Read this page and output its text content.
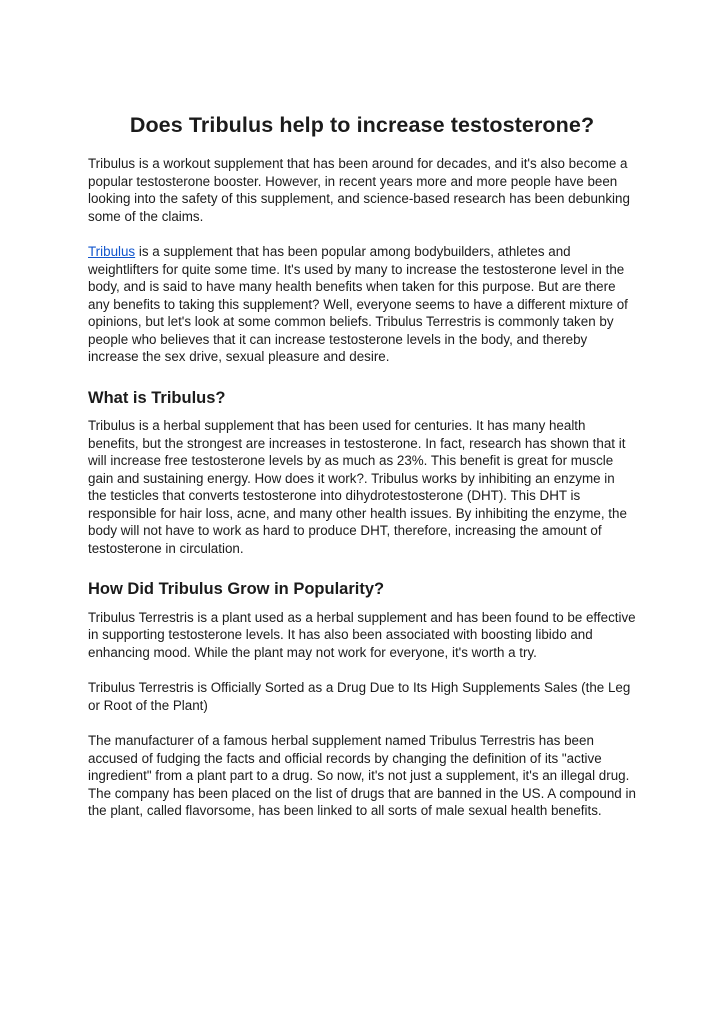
Does Tribulus help to increase testosterone?

Tribulus is a workout supplement that has been around for decades, and it's also become a popular testosterone booster. However, in recent years more and more people have been looking into the safety of this supplement, and science-based research has been debunking some of the claims.

Tribulus is a supplement that has been popular among bodybuilders, athletes and weightlifters for quite some time. It's used by many to increase the testosterone level in the body, and is said to have many health benefits when taken for this purpose. But are there any benefits to taking this supplement? Well, everyone seems to have a different mixture of opinions, but let's look at some common beliefs. Tribulus Terrestris is commonly taken by people who believes that it can increase testosterone levels in the body, and thereby increase the sex drive, sexual pleasure and desire.

What is Tribulus?

Tribulus is a herbal supplement that has been used for centuries. It has many health benefits, but the strongest are increases in testosterone. In fact, research has shown that it will increase free testosterone levels by as much as 23%. This benefit is great for muscle gain and sustaining energy. How does it work?. Tribulus works by inhibiting an enzyme in the testicles that converts testosterone into dihydrotestosterone (DHT). This DHT is responsible for hair loss, acne, and many other health issues. By inhibiting the enzyme, the body will not have to work as hard to produce DHT, therefore, increasing the amount of testosterone in circulation.

How Did Tribulus Grow in Popularity?

Tribulus Terrestris is a plant used as a herbal supplement and has been found to be effective in supporting testosterone levels. It has also been associated with boosting libido and enhancing mood. While the plant may not work for everyone, it's worth a try.

Tribulus Terrestris is Officially Sorted as a Drug Due to Its High Supplements Sales (the Leg or Root of the Plant)

The manufacturer of a famous herbal supplement named Tribulus Terrestris has been accused of fudging the facts and official records by changing the definition of its "active ingredient" from a plant part to a drug. So now, it's not just a supplement, it's an illegal drug. The company has been placed on the list of drugs that are banned in the US. A compound in the plant, called flavorsome, has been linked to all sorts of male sexual health benefits.
